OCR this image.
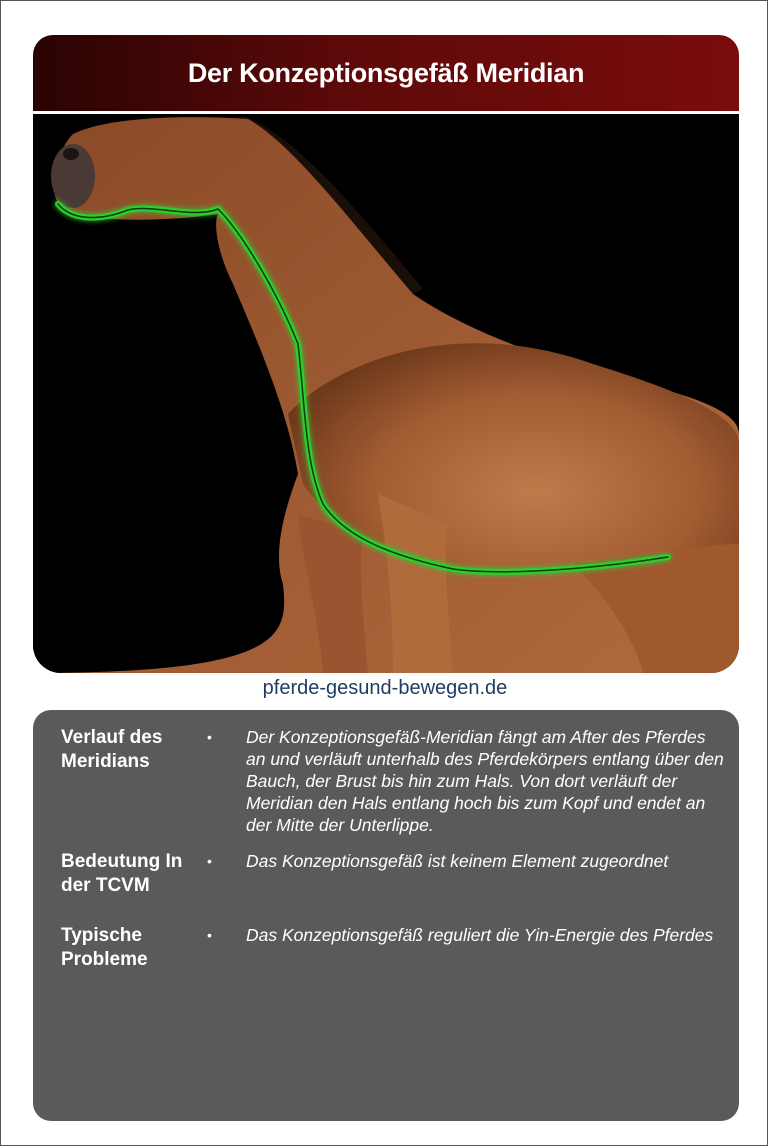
Der Konzeptionsgefäß Meridian
pferde-gesund-bewegen.de
Verlauf des Meridians
• Der Konzeptionsgefäß-Meridian fängt am After des Pferdes an und verläuft unterhalb des Pferdekörpers entlang über den Bauch, der Brust bis hin zum Hals. Von dort verläuft der Meridian den Hals entlang hoch bis zum Kopf und endet an der Mitte der Unterlippe.
Bedeutung In der TCVM
• Das Konzeptionsgefäß ist keinem Element zugeordnet
Typische Probleme
• Das Konzeptionsgefäß reguliert die Yin-Energie des Pferdes
